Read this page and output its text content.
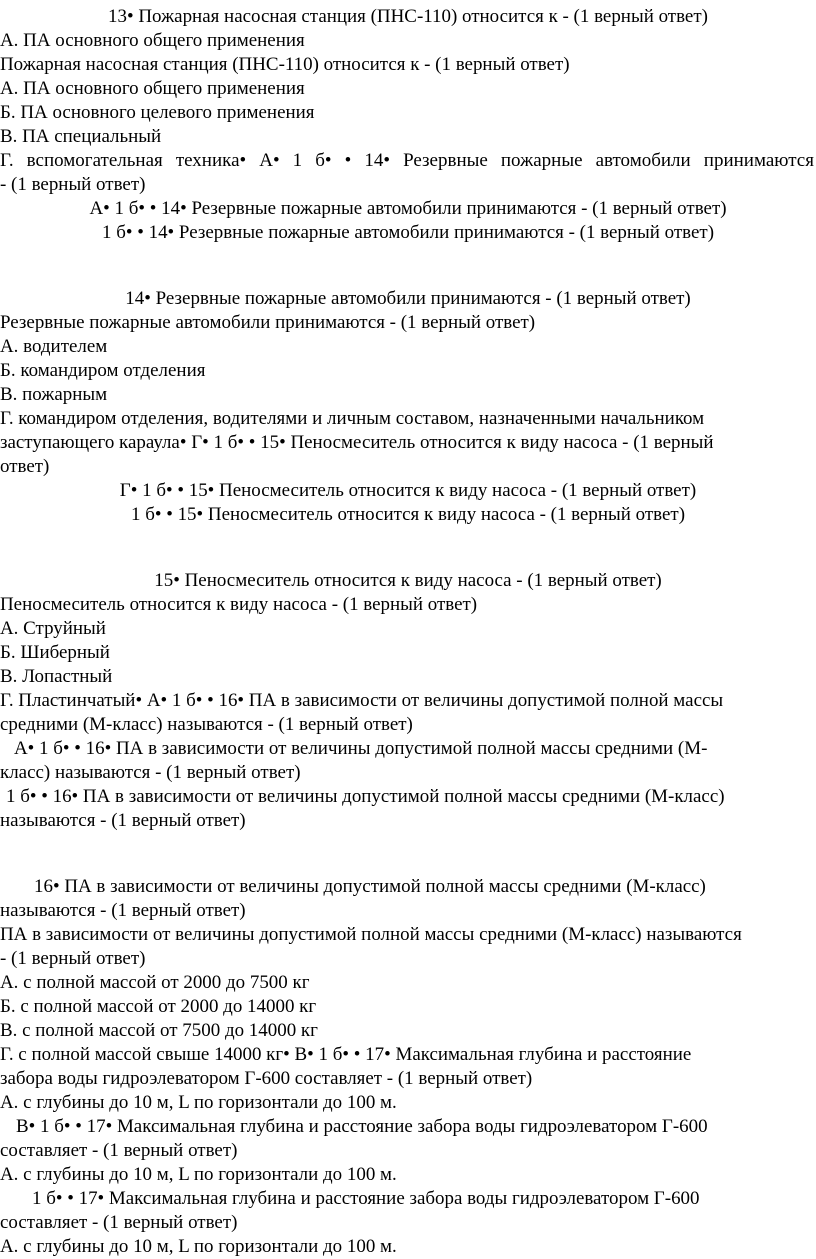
13• Пожарная насосная станция (ПНС-110) относится к - (1 верный ответ)
А. ПА основного общего применения
Пожарная насосная станция (ПНС-110) относится к - (1 верный ответ)
А. ПА основного общего применения
Б. ПА основного целевого применения
В. ПА специальный
Г. вспомогательная техника• А• 1 б• • 14• Резервные пожарные автомобили принимаются
- (1 верный ответ)
А• 1 б• • 14• Резервные пожарные автомобили принимаются - (1 верный ответ)
1 б• • 14• Резервные пожарные автомобили принимаются - (1 верный ответ)
14• Резервные пожарные автомобили принимаются - (1 верный ответ)
Резервные пожарные автомобили принимаются - (1 верный ответ)
А. водителем
Б. командиром отделения
В. пожарным
Г. командиром отделения, водителями и личным составом, назначенными начальником
заступающего караула• Г• 1 б• • 15• Пеносмеситель относится к виду насоса - (1 верный
ответ)
Г• 1 б• • 15• Пеносмеситель относится к виду насоса - (1 верный ответ)
1 б• • 15• Пеносмеситель относится к виду насоса - (1 верный ответ)
15• Пеносмеситель относится к виду насоса - (1 верный ответ)
Пеносмеситель относится к виду насоса - (1 верный ответ)
А. Струйный
Б. Шиберный
В. Лопастный
Г. Пластинчатый• А• 1 б• • 16• ПА в зависимости от величины допустимой полной массы
средними (М-класс) называются - (1 верный ответ)
А• 1 б• • 16• ПА в зависимости от величины допустимой полной массы средними (М-
класс) называются - (1 верный ответ)
1 б• • 16• ПА в зависимости от величины допустимой полной массы средними (М-класс)
называются - (1 верный ответ)
16• ПА в зависимости от величины допустимой полной массы средними (М-класс)
называются - (1 верный ответ)
ПА в зависимости от величины допустимой полной массы средними (М-класс) называются
- (1 верный ответ)
А. с полной массой от 2000 до 7500 кг
Б. с полной массой от 2000 до 14000 кг
В. с полной массой от 7500 до 14000 кг
Г. с полной массой свыше 14000 кг• В• 1 б• • 17• Максимальная глубина и расстояние
забора воды гидроэлеватором Г-600 составляет - (1 верный ответ)
А. с глубины до 10 м, L по горизонтали до 100 м.
В• 1 б• • 17• Максимальная глубина и расстояние забора воды гидроэлеватором Г-600
составляет - (1 верный ответ)
А. с глубины до 10 м, L по горизонтали до 100 м.
1 б• • 17• Максимальная глубина и расстояние забора воды гидроэлеватором Г-600
составляет - (1 верный ответ)
А. с глубины до 10 м, L по горизонтали до 100 м.
